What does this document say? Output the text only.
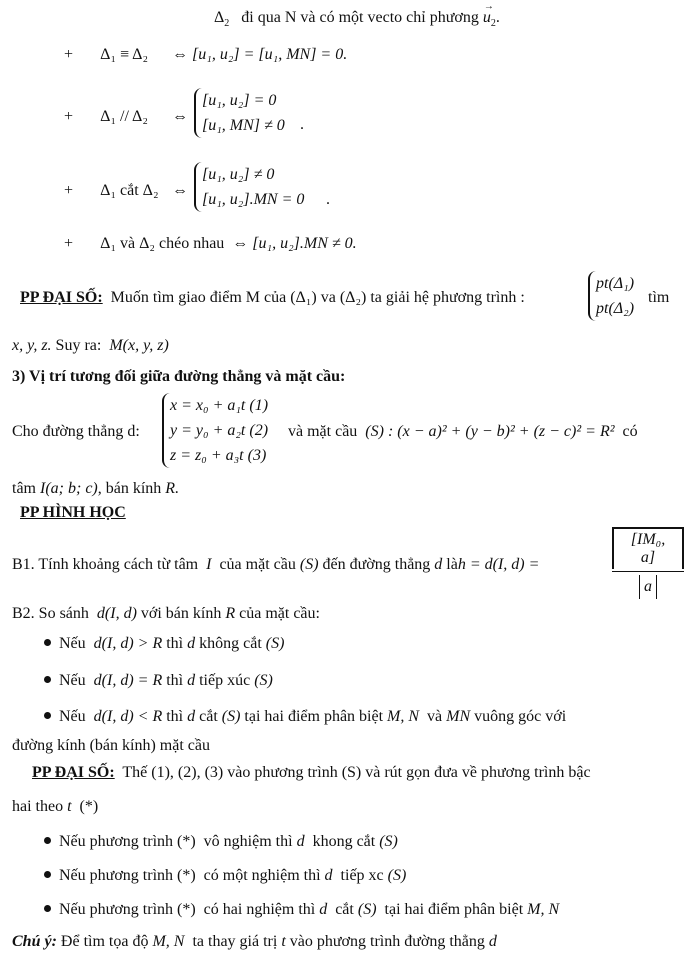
$\Delta_2$ đi qua N và có một vecto chỉ phương → $u_2$.
+ Δ₁ ≡ Δ₂ ⇔ [u₁, u₂] = [u₁, MN] = 0.
+ Δ₁ // Δ₂ ⇔
[u₁, u₂] = 0
[u₁, MN] ≠ 0 .
+ Δ₁ cắt Δ₂ ⇔
[u₁, u₂] ≠ 0
[u₁, u₂].MN = 0 .
+ Δ₁ và Δ₂ chéo nhau ⇔ [u₁, u₂].MN ≠ 0.
PP ĐẠI SỐ: Muốn tìm giao điểm M của (Δ₁) va (Δ₂) ta giải hệ phương trình :
pt(Δ₁)
pt(Δ₂)
tìm
x, y, z. Suy ra: M(x, y, z)
3) Vị trí tương đối giữa đường thẳng và mặt cầu:
Cho đường thẳng d:
x = x₀ + a₁t (1)
y = y₀ + a₂t (2)
z = z₀ + a₃t (3)
và mặt cầu (S) : (x − a)² + (y − b)² + (z − c)² = R² có
tâm I(a; b; c), bán kính R.
PP HÌNH HỌC
B1. Tính khoảng cách từ tâm I của mặt cầu (S) đến đường thẳng d làh = d(I, d) =
[IM₀, a]
a
B2. So sánh d(I, d) với bán kính R của mặt cầu:
Nếu d(I, d) > R thì d không cắt (S)
Nếu d(I, d) = R thì d tiếp xúc (S)
Nếu d(I, d) < R thì d cắt (S) tại hai điểm phân biệt M, N và MN vuông góc với
đường kính (bán kính) mặt cầu
PP ĐẠI SỐ: Thế (1), (2), (3) vào phương trình (S) và rút gọn đưa về phương trình bậc
hai theo t (*)
Nếu phương trình (*) vô nghiệm thì d khong cắt (S)
Nếu phương trình (*) có một nghiệm thì d tiếp xc (S)
Nếu phương trình (*) có hai nghiệm thì d cắt (S) tại hai điểm phân biệt M, N
Chú ý: Để tìm tọa độ M, N ta thay giá trị t vào phương trình đường thẳng d
